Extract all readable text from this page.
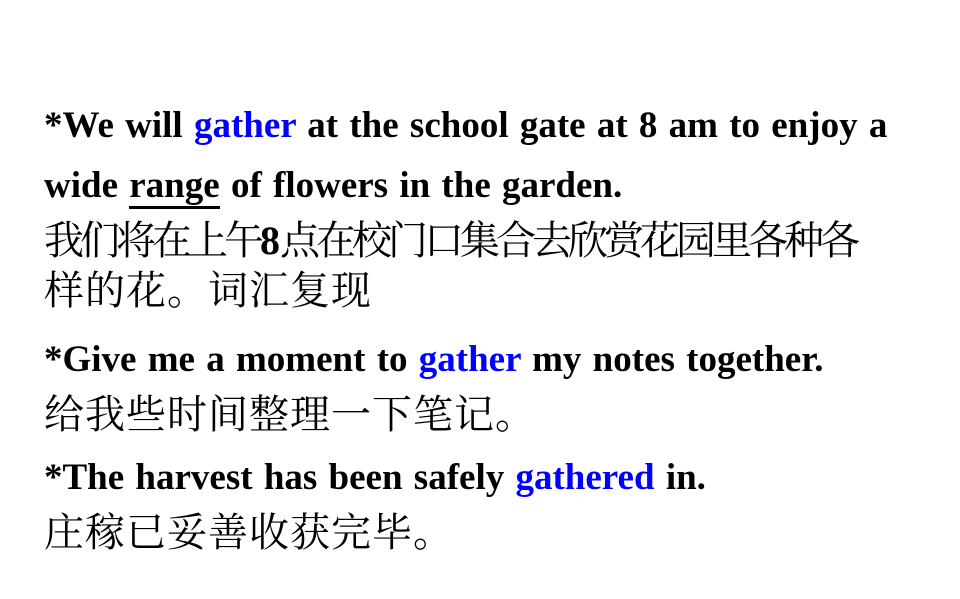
*We will gather at the school gate at 8 am to enjoy a
wide range of flowers in the garden.
我们将在上午8点在校门口集合去欣赏花园里各种各
样的花。词汇复现
*Give me a moment to gather my notes together.
给我些时间整理一下笔记。
*The harvest has been safely gathered in.
庄稼已妥善收获完毕。
